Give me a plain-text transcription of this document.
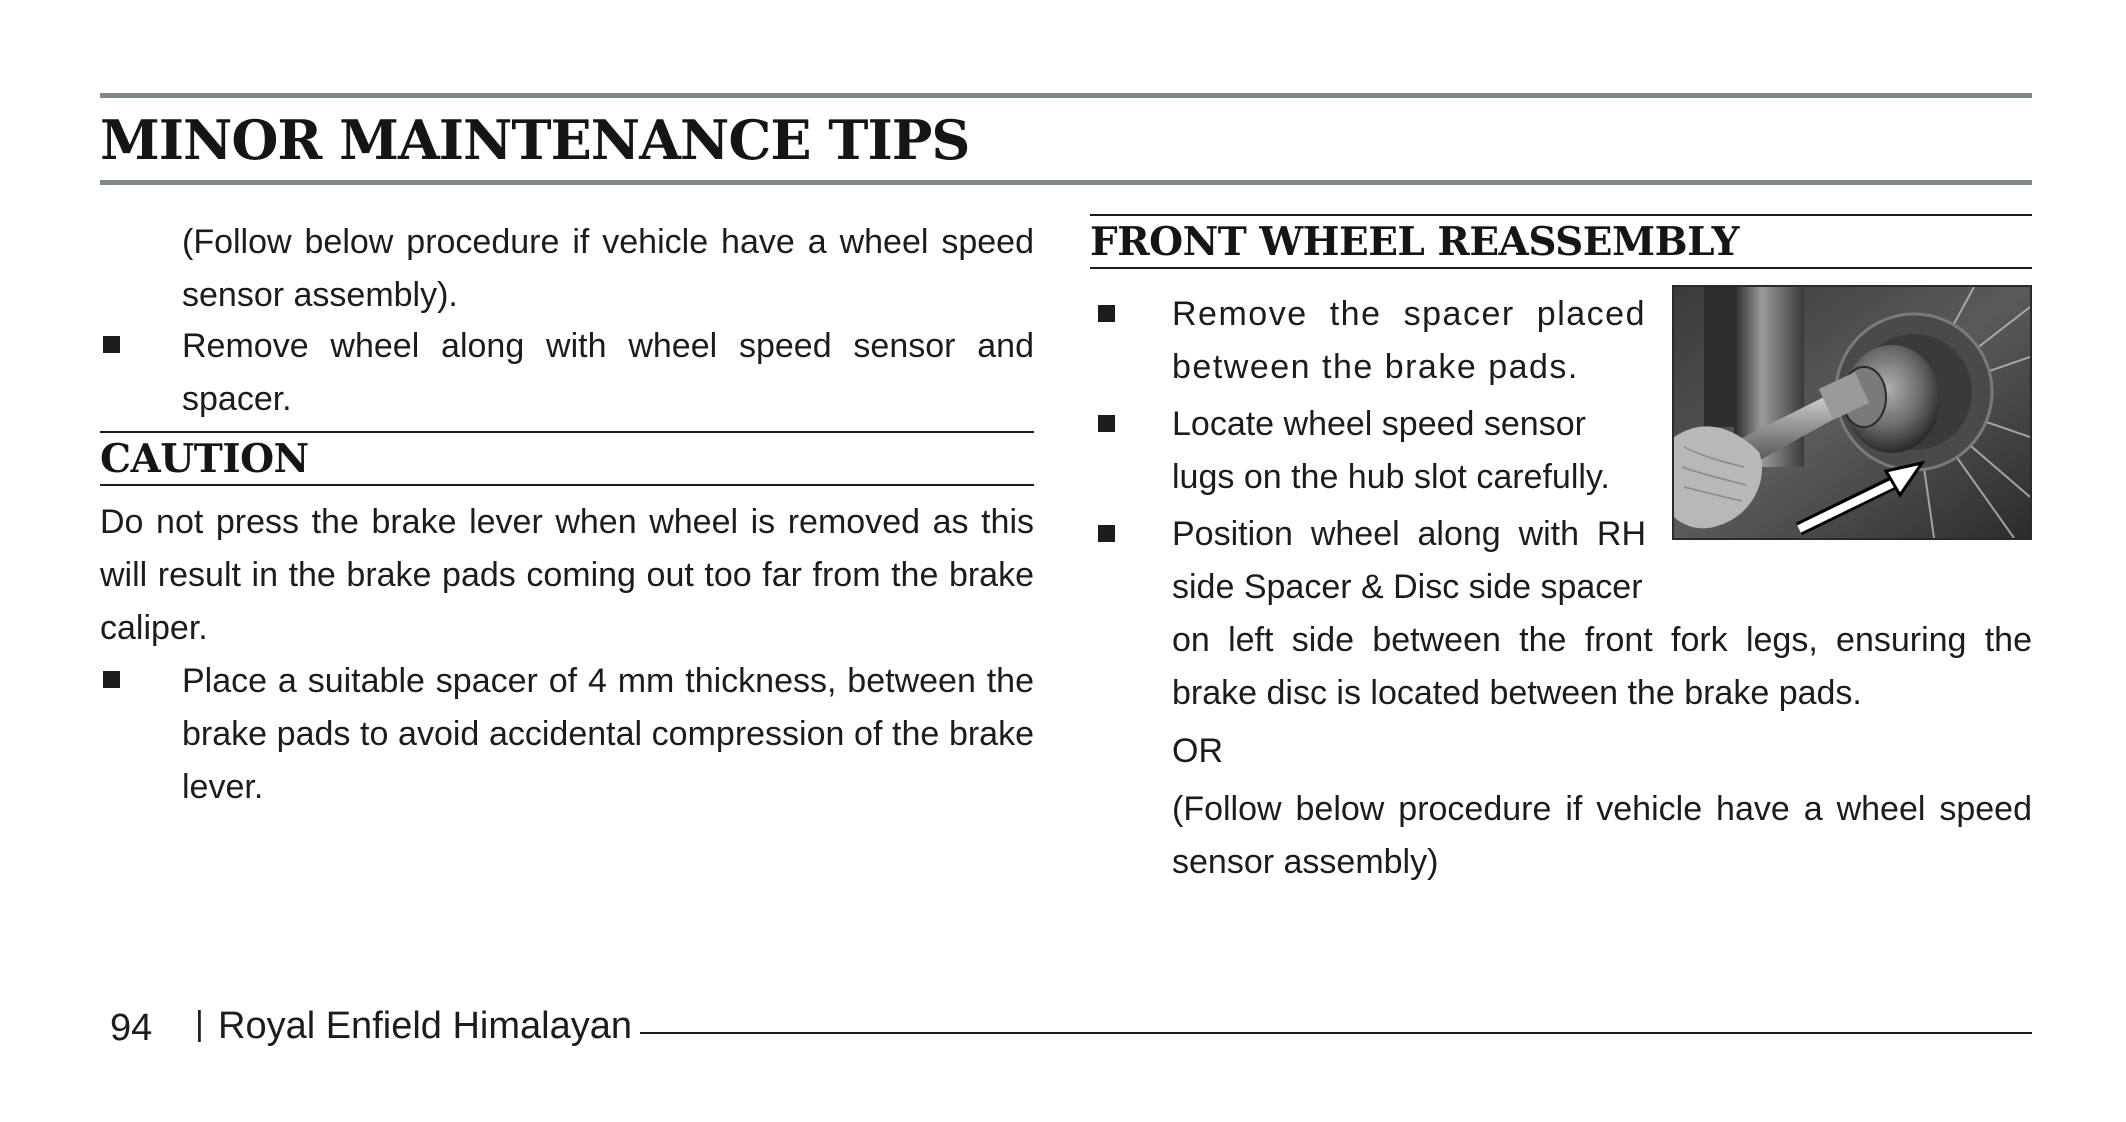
MINOR MAINTENANCE TIPS
(Follow below procedure if vehicle have a wheel speed sensor assembly).
Remove wheel along with wheel speed sensor and spacer.
CAUTION
Do not press the brake lever when wheel is removed as this will result in the brake pads coming out too far from the brake caliper.
Place a suitable spacer of 4 mm thickness, between the brake pads to avoid accidental compression of the brake lever.
FRONT WHEEL REASSEMBLY
Remove the spacer placed between the brake pads.
Locate wheel speed sensor lugs on the hub slot carefully.
Position wheel along with RH side Spacer & Disc side spacer
on left side between the front fork legs, ensuring the brake disc is located between the brake pads.
OR
(Follow below procedure if vehicle have a wheel speed sensor assembly)
94 | Royal Enfield Himalayan
